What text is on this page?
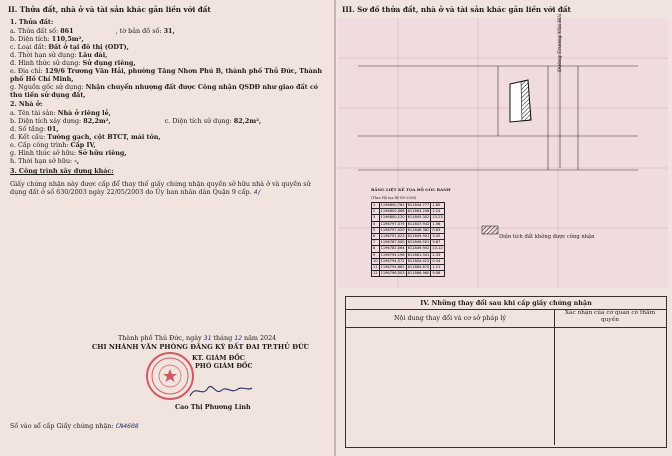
II. Thửa đất, nhà ở và tài sản khác gắn liền với đất
1. Thửa đất:
a. Thửa đất số: 861	, tờ bản đồ số: 31,
b. Diện tích: 110,5m²,
c. Loại đất: Đất ở tại đô thị (ODT),
d. Thời hạn sử dụng: Lâu dài,
đ. Hình thức sử dụng: Sử dụng riêng,
e. Địa chỉ: 129/6 Trương Văn Hải, phường Tăng Nhơn Phú B, thành phố Thủ Đức, Thành phố Hồ Chí Minh,
g. Nguồn gốc sử dụng: Nhận chuyển nhượng đất được Công nhận QSDĐ như giao đất có thu tiền sử dụng đất,
2. Nhà ở:
a. Tên tài sản: Nhà ở riêng lẻ,
b. Diện tích xây dựng: 82,2m²,	c. Diện tích sử dụng: 82,2m²,
d. Số tầng: 01,
đ. Kết cấu: Tường gạch, cột BTCT, mái tôn,
e. Cấp công trình: Cấp IV,
g. Hình thức sở hữu: Sở hữu riêng,
h. Thời hạn sở hữu: -,
3. Công trình xây dựng khác:
Giấy chứng nhận này được cấp để thay thế giấy chứng nhận quyền sở hữu nhà ở và quyền sử dụng đất ở số 630/2003 ngày 22/05/2003 do Ủy ban nhân dân Quận 9 cấp. 4/
Thành phố Thủ Đức, ngày 31 tháng 12 năm 2024
CHI NHÁNH VĂN PHÒNG ĐĂNG KÝ ĐẤT ĐAI TP.THỦ ĐỨC
KT. GIÁM ĐỐC
PHÓ GIÁM ĐỐC
Cao Thị Phương Linh
Số vào sổ cấp Giấy chứng nhận: CN4608
III. Sơ đồ thửa đất, nhà ở và tài sản khác gắn liền với đất
Đường Trương Văn Hải
BẢNG LIỆT KÊ TỌA ĐỘ GÓC RANH
(Theo Hệ tọa độ VN-2000)
1	1196800.761	611844.777	1.80
2	1196800.466	611863.258	2.24
3	1196800.120	611845.302	13.23
4	1196797.379	611847.942	1.56
5	1196797.520	611846.382	0.63
6	1196791.023	611849.901	3.00
7	1196787.500	611849.501	9.67
8	1196782.064	611849.902	13.12
9	1196794.196	611861.941	2.33
10	1196794.572	611804.415	0.34
11	1196794.662	611864.870	1.21
12	1196796.003	611866.960	9.06
Diện tích đất không được công nhận
IV. Những thay đổi sau khi cấp giấy chứng nhận
Nội dung thay đổi và cơ sở pháp lý
Xác nhận của cơ quan có thẩm quyền
